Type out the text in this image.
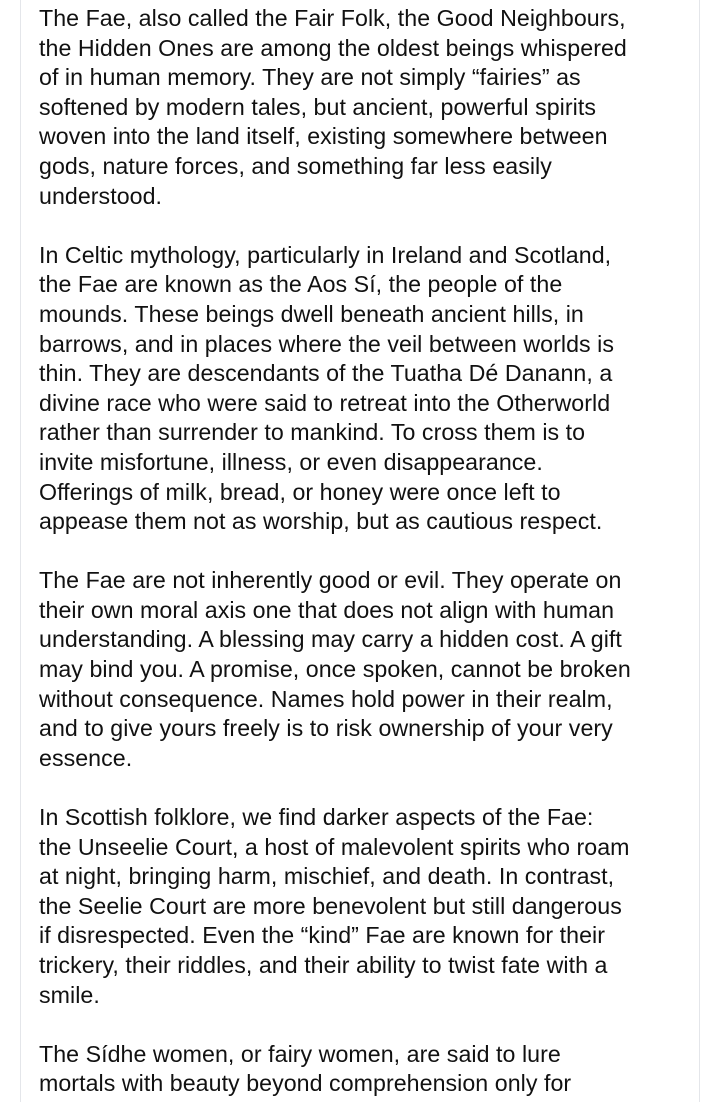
The Fae, also called the Fair Folk, the Good Neighbours,
the Hidden Ones are among the oldest beings whispered
of in human memory. They are not simply “fairies” as
softened by modern tales, but ancient, powerful spirits
woven into the land itself, existing somewhere between
gods, nature forces, and something far less easily
understood.

In Celtic mythology, particularly in Ireland and Scotland,
the Fae are known as the Aos Sí, the people of the
mounds. These beings dwell beneath ancient hills, in
barrows, and in places where the veil between worlds is
thin. They are descendants of the Tuatha Dé Danann, a
divine race who were said to retreat into the Otherworld
rather than surrender to mankind. To cross them is to
invite misfortune, illness, or even disappearance.
Offerings of milk, bread, or honey were once left to
appease them not as worship, but as cautious respect.

The Fae are not inherently good or evil. They operate on
their own moral axis one that does not align with human
understanding. A blessing may carry a hidden cost. A gift
may bind you. A promise, once spoken, cannot be broken
without consequence. Names hold power in their realm,
and to give yours freely is to risk ownership of your very
essence.

In Scottish folklore, we find darker aspects of the Fae:
the Unseelie Court, a host of malevolent spirits who roam
at night, bringing harm, mischief, and death. In contrast,
the Seelie Court are more benevolent but still dangerous
if disrespected. Even the “kind” Fae are known for their
trickery, their riddles, and their ability to twist fate with a
smile.

The Sídhe women, or fairy women, are said to lure
mortals with beauty beyond comprehension only for
